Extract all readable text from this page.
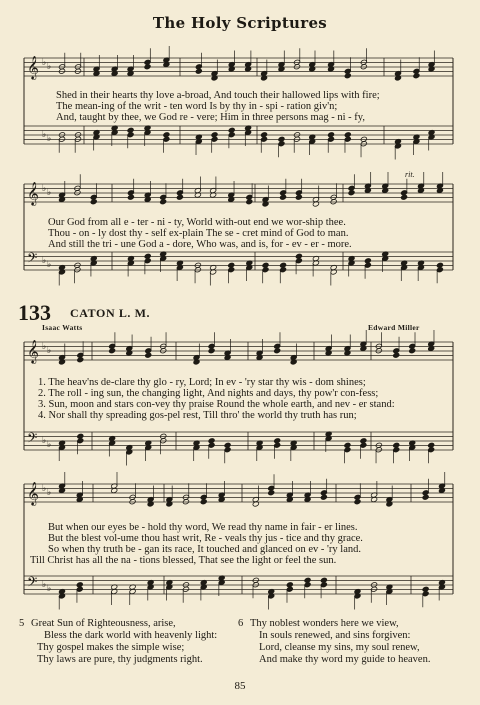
The Holy Scriptures
𝄞 ♭
♭
♭
♭
Shed in their hearts thy love a-broad, And touch their hallowed lips with fire;
The mean-ing of the writ - ten word Is by thy in - spi - ration giv'n;
And, taught by thee, we God re - vere; Him in three persons mag - ni - fy,
rit.
𝄞
𝄢
♭
♭
♭
♭
Our God from all e - ter - ni - ty, World with-out end we wor-ship thee.
Thou - on - ly dost thy - self ex-plain The se - cret mind of God to man.
And still the tri - une God a - dore, Who was, and is, for - ev - er - more.
133 CATON L. M.
Isaac Watts	Edward Miller
𝄞
𝄢
♭
♭
♭
♭
1. The heav'ns de-clare thy glo - ry, Lord; In ev - 'ry star thy wis - dom shines;
2. The roll - ing sun, the changing light, And nights and days, thy pow'r con-fess;
3. Sun, moon and stars con-vey thy praise Round the whole earth, and nev - er stand:
4. Nor shall thy spreading gos-pel rest, Till thro' the world thy truth has run;
𝄞
𝄢
♭
♭
♭
♭
But when our eyes be - hold thy word, We read thy name in fair - er lines.
But the blest vol-ume thou hast writ, Re - veals thy jus - tice and thy grace.
So when thy truth be - gan its race, It touched and glanced on ev - 'ry land.
Till Christ has all the na - tions blessed, That see the light or feel the sun.
5 Great Sun of Righteousness, arise,
Bless the dark world with heavenly light:
Thy gospel makes the simple wise;
Thy laws are pure, thy judgments right.
6 Thy noblest wonders here we view,
In souls renewed, and sins forgiven:
Lord, cleanse my sins, my soul renew,
And make thy word my guide to heaven.
85
